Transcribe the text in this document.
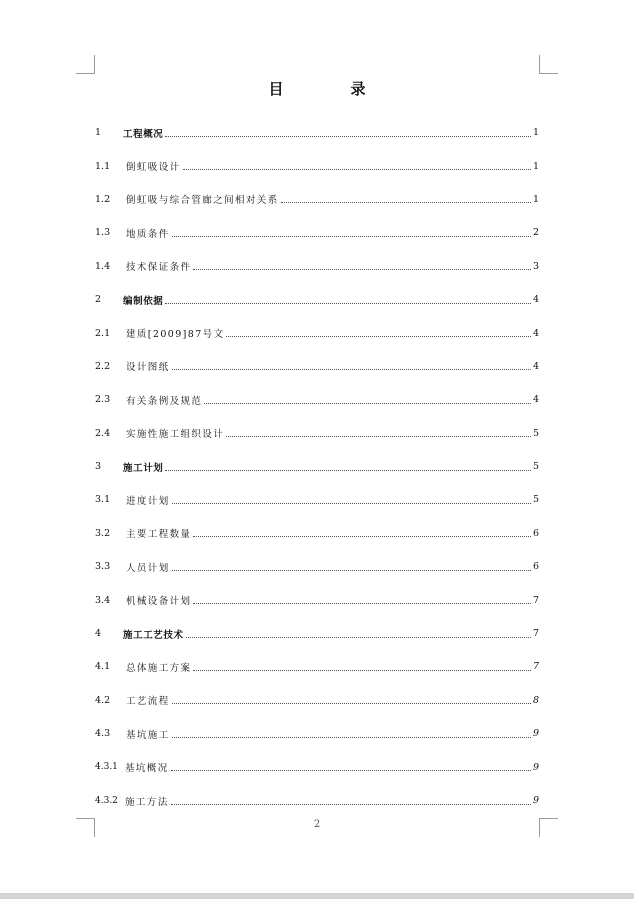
目　录
1	工程概况	1
1.1	倒虹吸设计	1
1.2	倒虹吸与综合管廊之间相对关系	1
1.3	地质条件	2
1.4	技术保证条件	3
2	编制依据	4
2.1	建质[2009]87号文	4
2.2	设计图纸	4
2.3	有关条例及规范	4
2.4	实施性施工组织设计	5
3	施工计划	5
3.1	进度计划	5
3.2	主要工程数量	6
3.3	人员计划	6
3.4	机械设备计划	7
4	施工工艺技术	7
4.1	总体施工方案	7
4.2	工艺流程	8
4.3	基坑施工	9
4.3.1 基坑概况	9
4.3.2 施工方法	9
2
